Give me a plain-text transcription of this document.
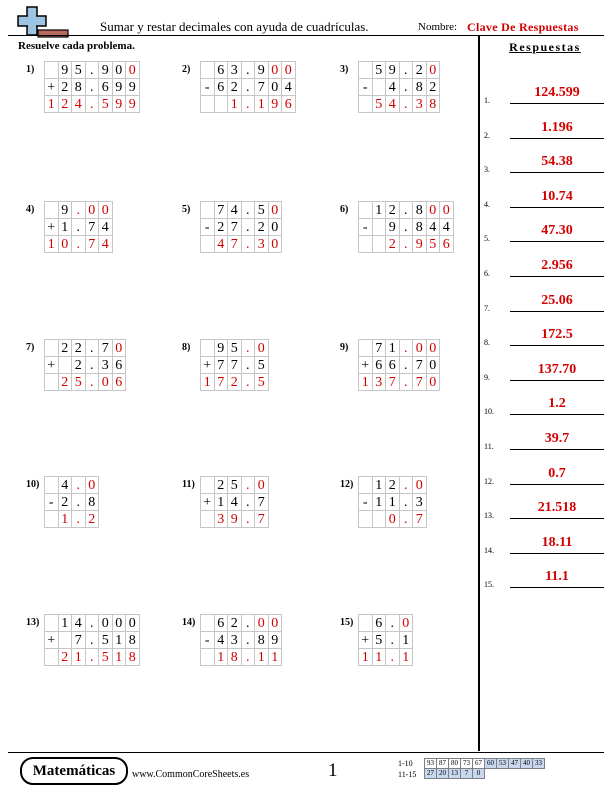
Sumar y restar decimales con ayuda de cuadrículas.	Nombre: Clave De Respuestas
Resuelve cada problema.	Respuestas
1.
124.599
2.
1.196
3.
54.38
4.
10.74
5.
47.30
6.
2.956
7.
25.06
8.
172.5
9.
137.70
10.
1.2
11.
39.7
12.
0.7
13.
21.518
14.
18.11
15.
11.1
1)
	9	5	.	9	0	0
+	2	8	.	6	9	9
1	2	4	.	5	9	9
2)
	6	3	.	9	0	0
-	6	2	.	7	0	4
		1	.	1	9	6
3)
	5	9	.	2	0
-		4	.	8	2
	5	4	.	3	8
4)
	9	.	0	0
+	1	.	7	4
1	0	.	7	4
5)
	7	4	.	5	0
-	2	7	.	2	0
	4	7	.	3	0
6)
	1	2	.	8	0	0
-		9	.	8	4	4
		2	.	9	5	6
7)
	2	2	.	7	0
+		2	.	3	6
	2	5	.	0	6
8)
	9	5	.	0
+	7	7	.	5
1	7	2	.	5
9)
	7	1	.	0	0
+	6	6	.	7	0
1	3	7	.	7	0
10)
	4	.	0
-	2	.	8
	1	.	2
11)
	2	5	.	0
+	1	4	.	7
	3	9	.	7
12)
	1	2	.	0
-	1	1	.	3
		0	.	7
13)
	1	4	.	0	0	0
+		7	.	5	1	8
	2	1	.	5	1	8
14)
	6	2	.	0	0
-	4	3	.	8	9
	1	8	.	1	1
15)
	6	.	0
+	5	.	1
1	1	.	1
Matemáticas	www.CommonCoreSheets.es	1	1-10
11-15
93	87	80	73	67	60	53	47	40	33
27	20	13	7	0					
